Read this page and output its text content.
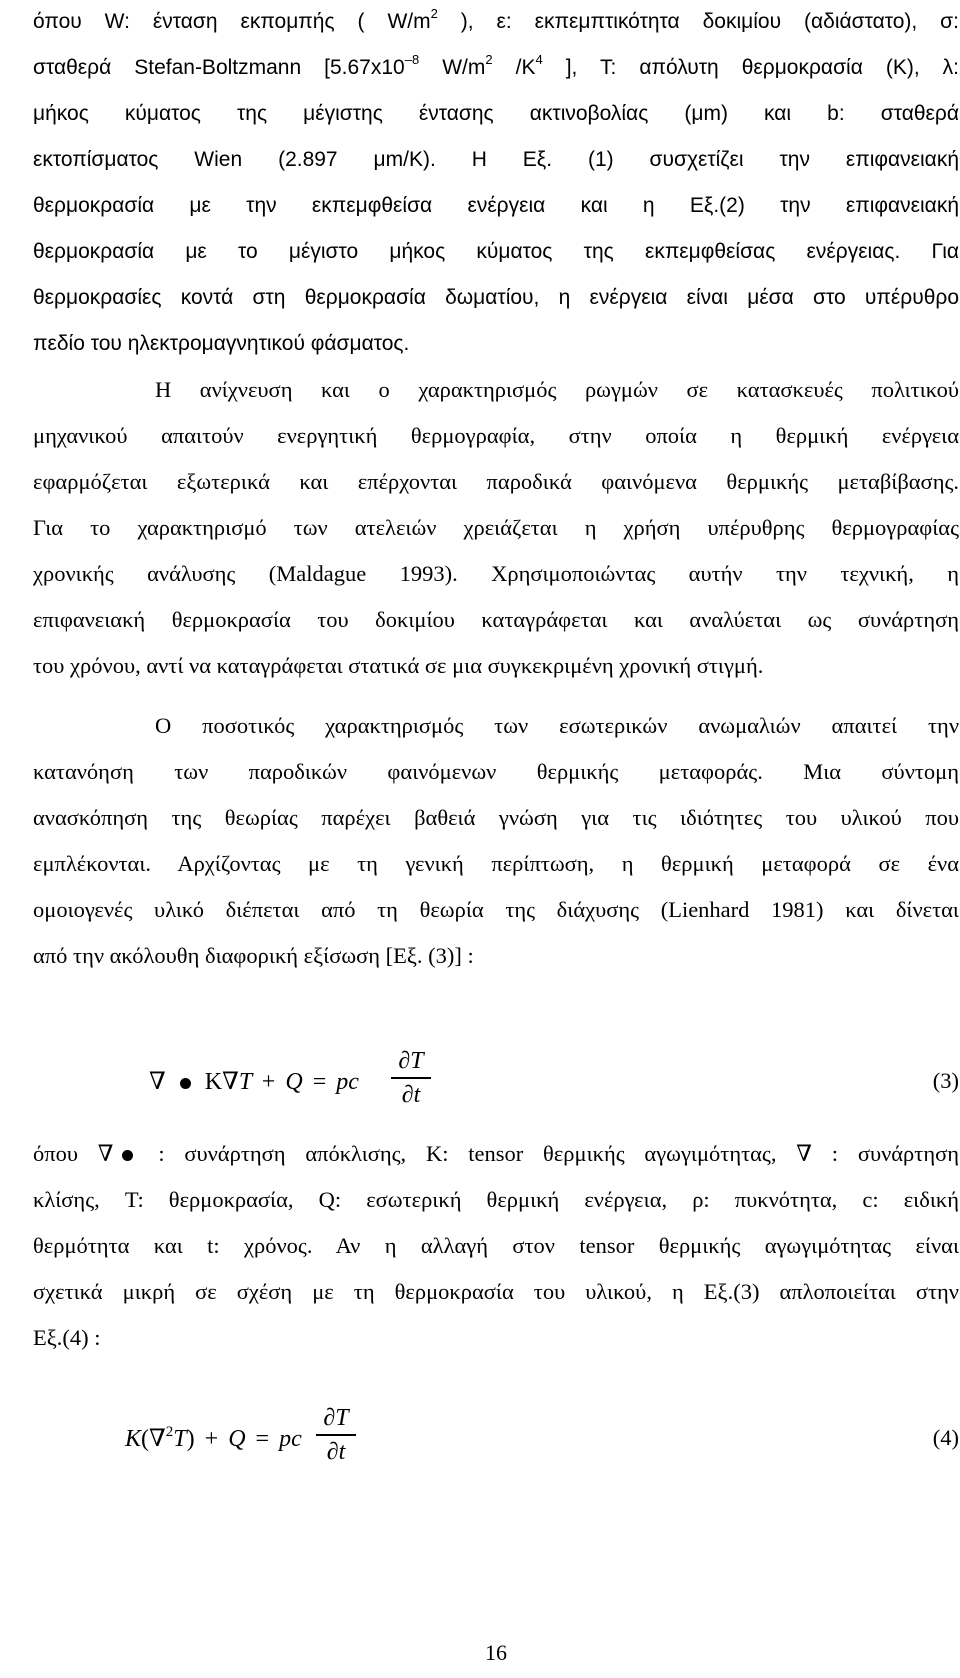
όπου W: ένταση εκπομπής ( $W/m^2$ ), ε: εκπεμπτικότητα δοκιμίου (αδιάστατο), σ:
σταθερά Stefan-Boltzmann [$5.67x10^{-8}$ $W/m^2$ $/K^4$ ], T: απόλυτη θερμοκρασία (K), λ:
μήκος κύματος της μέγιστης έντασης ακτινοβολίας (μm) και b: σταθερά
εκτοπίσματος Wien (2.897 μm/K). Η Εξ. (1) συσχετίζει την επιφανειακή
θερμοκρασία με την εκπεμφθείσα ενέργεια και η Εξ.(2) την επιφανειακή
θερμοκρασία με το μέγιστο μήκος κύματος της εκπεμφθείσας ενέργειας. Για
θερμοκρασίες κοντά στη θερμοκρασία δωματίου, η ενέργεια είναι μέσα στο υπέρυθρο
πεδίο του ηλεκτρομαγνητικού φάσματος.
Η ανίχνευση και ο χαρακτηρισμός ρωγμών σε κατασκευές πολιτικού
μηχανικού απαιτούν ενεργητική θερμογραφία, στην οποία η θερμική ενέργεια
εφαρμόζεται εξωτερικά και επέρχονται παροδικά φαινόμενα θερμικής μεταβίβασης.
Για το χαρακτηρισμό των ατελειών χρειάζεται η χρήση υπέρυθρης θερμογραφίας
χρονικής ανάλυσης (Maldague 1993). Χρησιμοποιώντας αυτήν την τεχνική, η
επιφανειακή θερμοκρασία του δοκιμίου καταγράφεται και αναλύεται ως συνάρτηση
του χρόνου, αντί να καταγράφεται στατικά σε μια συγκεκριμένη χρονική στιγμή.
Ο ποσοτικός χαρακτηρισμός των εσωτερικών ανωμαλιών απαιτεί την
κατανόηση των παροδικών φαινόμενων θερμικής μεταφοράς. Μια σύντομη
ανασκόπηση της θεωρίας παρέχει βαθειά γνώση για τις ιδιότητες του υλικού που
εμπλέκονται. Αρχίζοντας με τη γενική περίπτωση, η θερμική μεταφορά σε ένα
ομοιογενές υλικό διέπεται από τη θεωρία της διάχυσης (Lienhard 1981) και δίνεται
από την ακόλουθη διαφορική εξίσωση [Εξ. (3)] :
∇ K∇T + Q = pc
∂T
∂t
(3)
όπου ∇ : συνάρτηση απόκλισης, K: tensor θερμικής αγωγιμότητας, ∇ : συνάρτηση
κλίσης, T: θερμοκρασία, Q: εσωτερική θερμική ενέργεια, ρ: πυκνότητα, c: ειδική
θερμότητα και t: χρόνος. Αν η αλλαγή στον tensor θερμικής αγωγιμότητας είναι
σχετικά μικρή σε σχέση με τη θερμοκρασία του υλικού, η Εξ.(3) απλοποιείται στην
Εξ.(4) :
K(∇$^2$T) + Q = pc
∂T
∂t
(4)
16
